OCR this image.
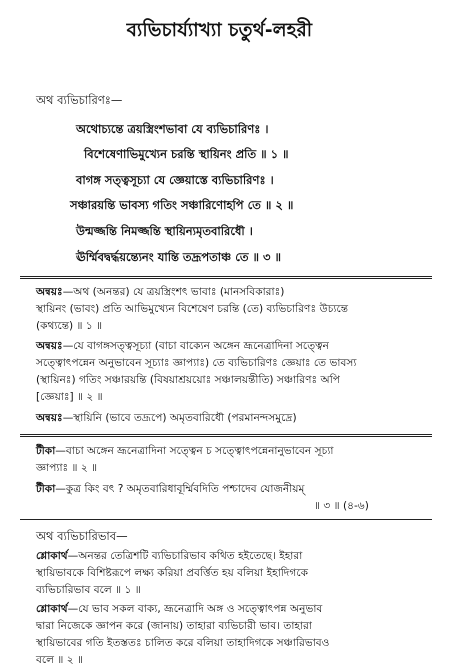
ব্যভিচার্য্যাখ্যা চতুর্থ-লহরী
অথ ব্যভিচারিণঃ—
অথোচ্যন্তে ত্রয়স্ত্রিংশভাবা যে ব্যভিচারিণঃ ।
বিশেষেণাভিমুখ্যেন চরন্তি স্থায়িনং প্রতি ॥ ১ ॥
বাগঙ্গ সত্ত্বসূচ্যা যে জ্ঞেয়াস্তে ব্যভিচারিণঃ ।
সঞ্চারয়ন্তি ভাবস্য গতিং সঞ্চারিণোহপি তে ॥ ২ ॥
উন্মজ্জন্তি নিমজ্জন্তি স্থায়িন্যমৃতবারিধৌ ।
ঊর্ম্মিবদ্বর্দ্ধয়ন্ত্যেনং যান্তি তদ্রূপতাঞ্চ তে ॥ ৩ ॥
অন্বয়ঃ—অথ (অনন্তর) যে ত্রয়স্ত্রিংশৎ ভাবাঃ (মানসবিকারাঃ)
স্থায়িনং (ভাবং) প্রতি আভিমুখ্যেন বিশেষেণ চরন্তি (তে) ব্যভিচারিণঃ উচ্যন্তে
(কথ্যন্তে) ॥ ১ ॥
অন্বয়ঃ—যে বাগঙ্গসত্ত্বসূচ্যা (বাচা বাক্যেন অঙ্গেন ভ্রূনেত্রাদিনা সত্ত্বেন
সত্ত্বোৎপন্নেন অনুভাবেন সূচ্যাঃ জ্ঞাপ্যাঃ) তে ব্যভিচারিণঃ জ্ঞেয়াঃ তে ভাবস্য
(স্থায়িনঃ) গতিং সঞ্চারয়ন্তি (বিষয়াশ্রয়য়োঃ সঞ্চালয়ন্তীতি) সঞ্চারিণঃ অপি
[জ্ঞেয়াঃ] ॥ ২ ॥
অন্বয়ঃ—স্থায়িনি (ভাবে তদ্রূপে) অমৃতবারিধৌ (পরমানন্দসমুদ্রে)
টীকা—বাচা অঙ্গেন ভ্রূনেত্রাদিনা সত্ত্বেন চ সত্ত্বোৎপন্নেনানুভাবেন সূচ্যা
জ্ঞাপ্যাঃ ॥ ২ ॥
টীকা—কুত্র কিং বৎ ? অমৃতবারিধাবূর্ম্মিবদিতি পশ্চাদেব যোজনীয়ম্
॥ ৩ ॥ (৪-৬)
অথ ব্যভিচারিভাব—
শ্লোকার্থ—অনন্তর তেত্রিশটি ব্যভিচারিভাব কথিত হইতেছে। ইহারা
স্থায়িভাবকে বিশিষ্টরূপে লক্ষ্য করিয়া প্রবর্ত্তিত হয় বলিয়া ইহাদিগকে
ব্যভিচারিভাব বলে ॥ ১ ॥
শ্লোকার্থ—যে ভাব সকল বাক্য, ভ্রূনেত্রাদি অঙ্গ ও সত্ত্বোৎপন্ন অনুভাব
দ্বারা নিজেকে জ্ঞাপন করে (জানায়) তাহারা ব্যভিচারী ভাব। তাহারা
স্থায়িভাবের গতি ইতস্ততঃ চালিত করে বলিয়া তাহাদিগকে সঞ্চারিভাবও
বলে ॥ ২ ॥
